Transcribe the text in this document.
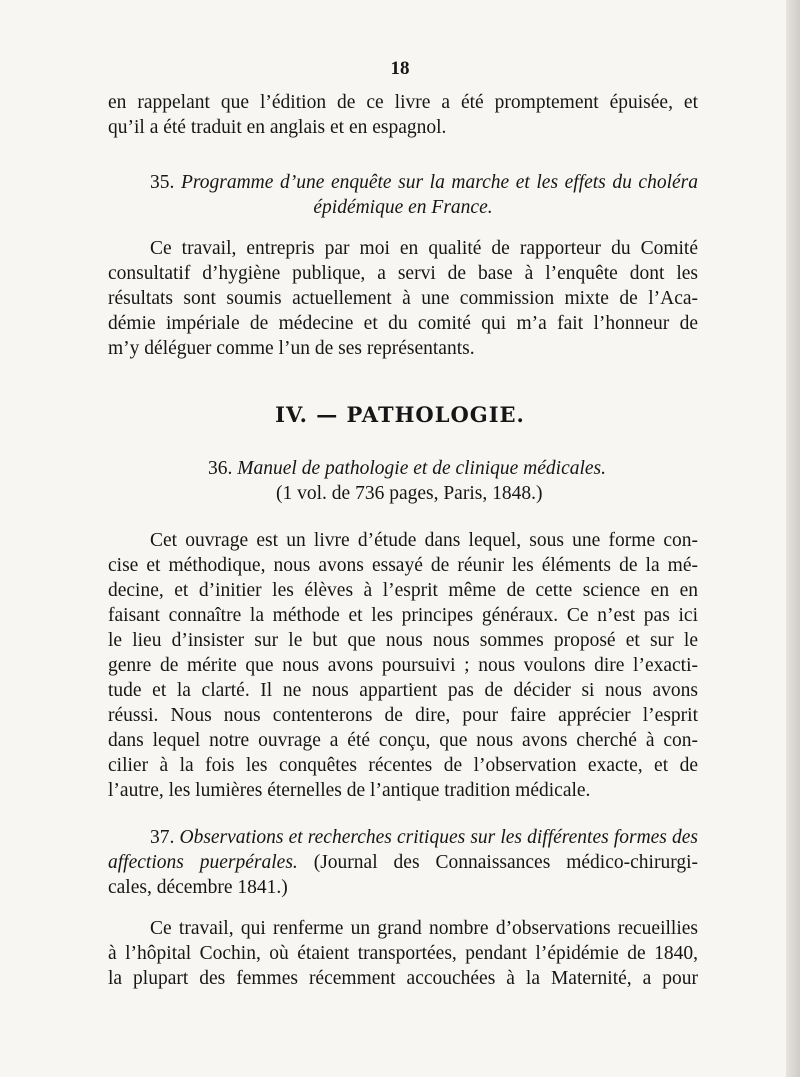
18
en rappelant que l’édition de ce livre a été promptement épuisée, et
qu’il a été traduit en anglais et en espagnol.
35. Programme d’une enquête sur la marche et les effets du choléra
épidémique en France.
Ce travail, entrepris par moi en qualité de rapporteur du Comité
consultatif d’hygiène publique, a servi de base à l’enquête dont les
résultats sont soumis actuellement à une commission mixte de l’Aca-
démie impériale de médecine et du comité qui m’a fait l’honneur de
m’y déléguer comme l’un de ses représentants.
IV. — PATHOLOGIE.
36. Manuel de pathologie et de clinique médicales.
(1 vol. de 736 pages, Paris, 1848.)
Cet ouvrage est un livre d’étude dans lequel, sous une forme con-
cise et méthodique, nous avons essayé de réunir les éléments de la mé-
decine, et d’initier les élèves à l’esprit même de cette science en en
faisant connaître la méthode et les principes généraux. Ce n’est pas ici
le lieu d’insister sur le but que nous nous sommes proposé et sur le
genre de mérite que nous avons poursuivi ; nous voulons dire l’exacti-
tude et la clarté. Il ne nous appartient pas de décider si nous avons
réussi. Nous nous contenterons de dire, pour faire apprécier l’esprit
dans lequel notre ouvrage a été conçu, que nous avons cherché à con-
cilier à la fois les conquêtes récentes de l’observation exacte, et de
l’autre, les lumières éternelles de l’antique tradition médicale.
37. Observations et recherches critiques sur les différentes formes des
affections puerpérales. (Journal des Connaissances médico-chirurgi-
cales, décembre 1841.)
Ce travail, qui renferme un grand nombre d’observations recueillies
à l’hôpital Cochin, où étaient transportées, pendant l’épidémie de 1840,
la plupart des femmes récemment accouchées à la Maternité, a pour
